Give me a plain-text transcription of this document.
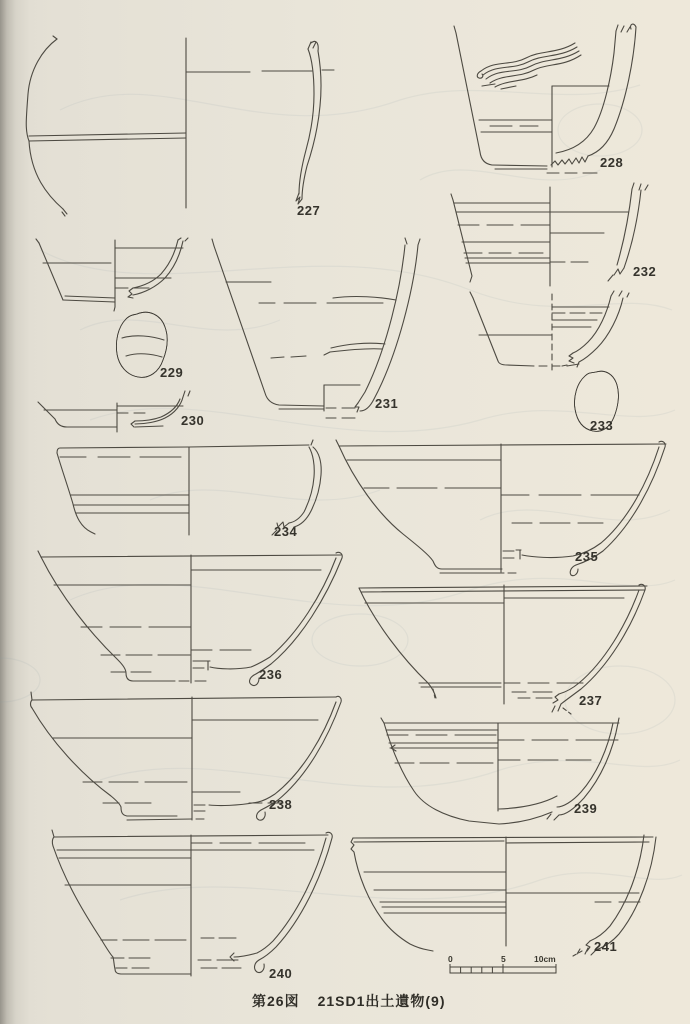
227
228
229
230
231
232
233
234
235
236
237
238	239
240
241
0	5	10cm
第26図 21SD1出土遺物(9)
